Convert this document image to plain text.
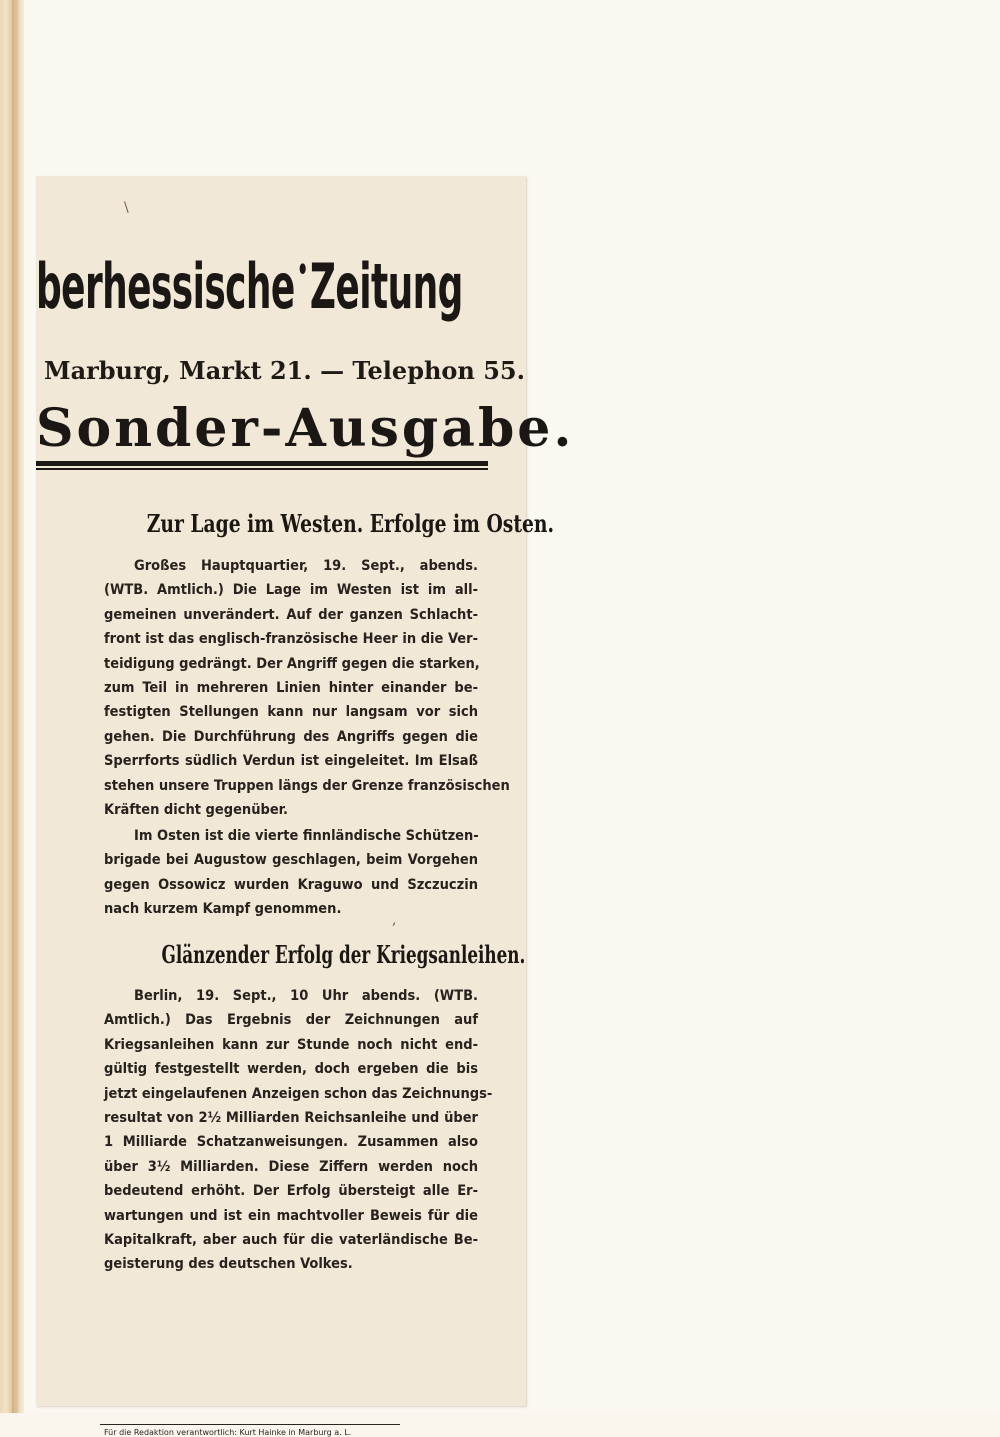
\
berhessische•Zeitung
Marburg, Markt 21. — Telephon 55.
Sonder-Ausgabe.
Zur Lage im Westen. Erfolge im Osten.
Großes Hauptquartier, 19. Sept., abends.
(WTB. Amtlich.) Die Lage im Westen ist im all-
gemeinen unverändert. Auf der ganzen Schlacht-
front ist das englisch-französische Heer in die Ver-
teidigung gedrängt. Der Angriff gegen die starken,
zum Teil in mehreren Linien hinter einander be-
festigten Stellungen kann nur langsam vor sich
gehen. Die Durchführung des Angriffs gegen die
Sperrforts südlich Verdun ist eingeleitet. Im Elsaß
stehen unsere Truppen längs der Grenze französischen
Kräften dicht gegenüber.
Im Osten ist die vierte finnländische Schützen-
brigade bei Augustow geschlagen, beim Vorgehen
gegen Ossowicz wurden Kraguwo und Szczuczin
nach kurzem Kampf genommen.
,
Glänzender Erfolg der Kriegsanleihen.
Berlin, 19. Sept., 10 Uhr abends. (WTB.
Amtlich.) Das Ergebnis der Zeichnungen auf
Kriegsanleihen kann zur Stunde noch nicht end-
gültig festgestellt werden, doch ergeben die bis
jetzt eingelaufenen Anzeigen schon das Zeichnungs-
resultat von 2½ Milliarden Reichsanleihe und über
1 Milliarde Schatzanweisungen. Zusammen also
über 3½ Milliarden. Diese Ziffern werden noch
bedeutend erhöht. Der Erfolg übersteigt alle Er-
wartungen und ist ein machtvoller Beweis für die
Kapitalkraft, aber auch für die vaterländische Be-
geisterung des deutschen Volkes.
Für die Redaktion verantwortlich: Kurt Hainke in Marburg a. L.
